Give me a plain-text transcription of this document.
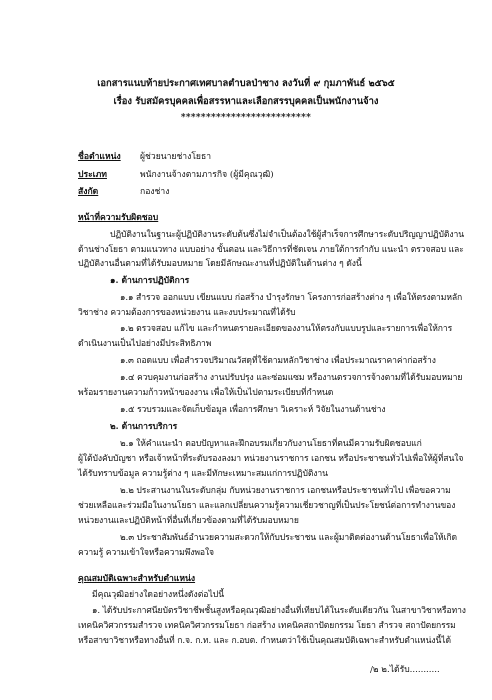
เอกสารแนบท้ายประกาศเทศบาลตำบลป่าซาง ลงวันที่ ๙ กุมภาพันธ์ ๒๕๖๕
เรื่อง รับสมัครบุคคลเพื่อสรรหาและเลือกสรรบุคคลเป็นพนักงานจ้าง
**************************
ชื่อตำแหน่ง ผู้ช่วยนายช่างโยธา
ประเภท	พนักงานจ้างตามภารกิจ (ผู้มีคุณวุฒิ)
สังกัด	กองช่าง
หน้าที่ความรับผิดชอบ
ปฏิบัติงานในฐานะผู้ปฏิบัติงานระดับต้นซึ่งไม่จำเป็นต้องใช้ผู้สำเร็จการศึกษาระดับปริญญาปฏิบัติงาน
ด้านช่างโยธา ตามแนวทาง แบบอย่าง ขั้นตอน และวิธีการที่ชัดเจน ภายใต้การกำกับ แนะนำ ตรวจสอบ และ
ปฏิบัติงานอื่นตามที่ได้รับมอบหมาย โดยมีลักษณะงานที่ปฏิบัติในด้านต่าง ๆ ดังนี้
๑. ด้านการปฏิบัติการ
๑.๑ สำรวจ ออกแบบ เขียนแบบ ก่อสร้าง บำรุงรักษา โครงการก่อสร้างต่าง ๆ เพื่อให้ตรงตามหลัก
วิชาช่าง ความต้องการของหน่วยงาน และงบประมาณที่ได้รับ
๑.๒ ตรวจสอบ แก้ไข และกำหนดรายละเอียดของงานให้ตรงกับแบบรูปและรายการเพื่อให้การ
ดำเนินงานเป็นไปอย่างมีประสิทธิภาพ
๑.๓ ถอดแบบ เพื่อสำรวจปริมาณวัสดุที่ใช้ตามหลักวิชาช่าง เพื่อประมาณราคาค่าก่อสร้าง
๑.๔ ควบคุมงานก่อสร้าง งานปรับปรุง และซ่อมแซม หรืองานตรวจการจ้างตามที่ได้รับมอบหมาย
พร้อมรายงานความก้าวหน้าของงาน เพื่อให้เป็นไปตามระเบียบที่กำหนด
๑.๕ รวบรวมและจัดเก็บข้อมูล เพื่อการศึกษา วิเคราะห์ วิจัยในงานด้านช่าง
๒. ด้านการบริการ
๒.๑ ให้คำแนะนำ ตอบปัญหาและฝึกอบรมเกี่ยวกับงานโยธาที่ตนมีความรับผิดชอบแก่
ผู้ใต้บังคับบัญชา หรือเจ้าหน้าที่ระดับรองลงมา หน่วยงานราชการ เอกชน หรือประชาชนทั่วไปเพื่อให้ผู้ที่สนใจ
ได้รับทราบข้อมูล ความรู้ต่าง ๆ และมีทักษะเหมาะสมแก่การปฏิบัติงาน
๒.๒ ประสานงานในระดับกลุ่ม กับหน่วยงานราชการ เอกชนหรือประชาชนทั่วไป เพื่อขอความ
ช่วยเหลือและร่วมมือในงานโยธา และแลกเปลี่ยนความรู้ความเชี่ยวชาญที่เป็นประโยชน์ต่อการทำงานของ
หน่วยงานและปฏิบัติหน้าที่อื่นที่เกี่ยวข้องตามที่ได้รับมอบหมาย
๒.๓ ประชาสัมพันธ์อำนวยความสะดวกให้กับประชาชน และผู้มาติดต่องานด้านโยธาเพื่อให้เกิด
ความรู้ ความเข้าใจหรือความพึงพอใจ
คุณสมบัติเฉพาะสำหรับตำแหน่ง
มีคุณวุฒิอย่างใดอย่างหนึ่งดังต่อไปนี้
๑. ได้รับประกาศนียบัตรวิชาชีพชั้นสูงหรือคุณวุฒิอย่างอื่นที่เทียบได้ในระดับเดียวกัน ในสาขาวิชาหรือทาง
เทคนิควิศวกรรมสำรวจ เทคนิควิศวกรรมโยธา ก่อสร้าง เทคนิคสถาปัตยกรรม โยธา สำรวจ สถาปัตยกรรม
หรือสาขาวิชาหรือทางอื่นที่ ก.จ. ก.ท. และ ก.อบต. กำหนดว่าใช้เป็นคุณสมบัติเฉพาะสำหรับตำแหน่งนี้ได้
/๒ ๒.ได้รับ...........
